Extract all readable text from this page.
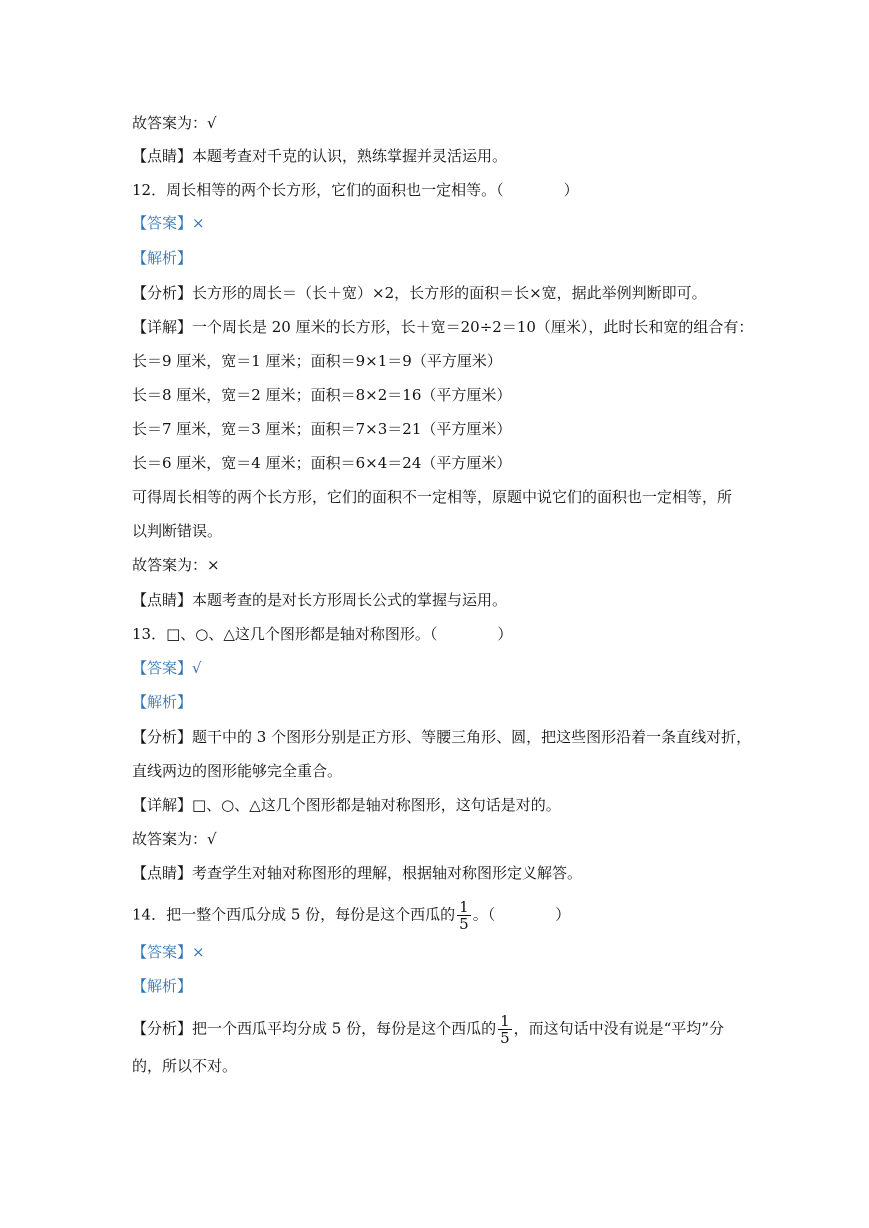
故答案为：√
【点睛】本题考查对千克的认识，熟练掌握并灵活运用。
12．周长相等的两个长方形，它们的面积也一定相等。（　　　　）
【答案】×
【解析】
【分析】长方形的周长＝（长＋宽）×2，长方形的面积＝长×宽，据此举例判断即可。
【详解】一个周长是 20 厘米的长方形，长＋宽＝20÷2＝10（厘米），此时长和宽的组合有：
长＝9 厘米，宽＝1 厘米；面积＝9×1＝9（平方厘米）
长＝8 厘米，宽＝2 厘米；面积＝8×2＝16（平方厘米）
长＝7 厘米，宽＝3 厘米；面积＝7×3＝21（平方厘米）
长＝6 厘米，宽＝4 厘米；面积＝6×4＝24（平方厘米）
可得周长相等的两个长方形，它们的面积不一定相等，原题中说它们的面积也一定相等，所
以判断错误。
故答案为：×
【点睛】本题考查的是对长方形周长公式的掌握与运用。
13．□、○、△这几个图形都是轴对称图形。（　　　　）
【答案】√
【解析】
【分析】题干中的 3 个图形分别是正方形、等腰三角形、圆，把这些图形沿着一条直线对折，
直线两边的图形能够完全重合。
【详解】□、○、△这几个图形都是轴对称图形，这句话是对的。
故答案为：√
【点睛】考查学生对轴对称图形的理解，根据轴对称图形定义解答。
14．把一整个西瓜分成 5 份，每份是这个西瓜的 $\frac{1}{5}$ 。（　　　　）
【答案】×
【解析】
【分析】把一个西瓜平均分成 5 份，每份是这个西瓜的 $\frac{1}{5}$ ，而这句话中没有说是“平均”分
的，所以不对。
